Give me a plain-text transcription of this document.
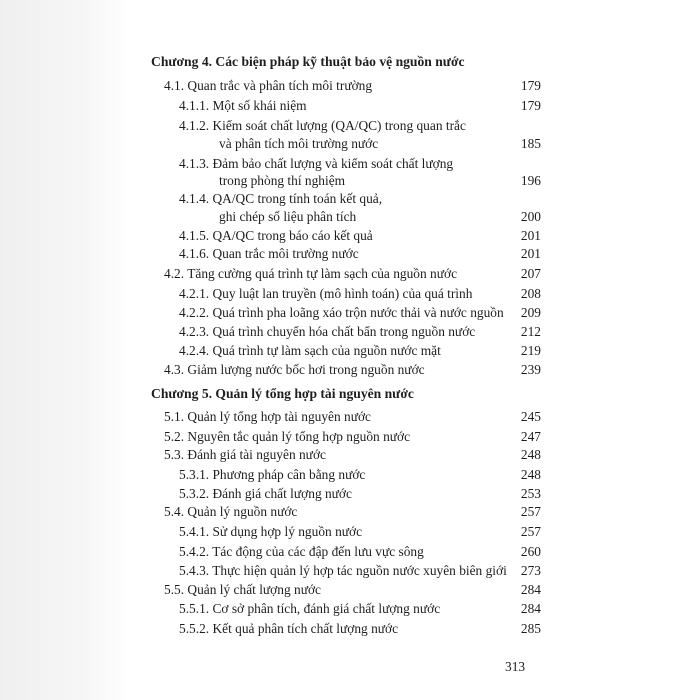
Chương 4. Các biện pháp kỹ thuật bảo vệ nguồn nước
4.1. Quan trắc và phân tích môi trường	179
4.1.1. Một số khái niệm	179
4.1.2. Kiểm soát chất lượng (QA/QC) trong quan trắc
và phân tích môi trường nước	185
4.1.3. Đảm bảo chất lượng và kiểm soát chất lượng
trong phòng thí nghiệm	196
4.1.4. QA/QC trong tính toán kết quả,
ghi chép số liệu phân tích	200
4.1.5. QA/QC trong báo cáo kết quả	201
4.1.6. Quan trắc môi trường nước	201
4.2. Tăng cường quá trình tự làm sạch của nguồn nước	207
4.2.1. Quy luật lan truyền (mô hình toán) của quá trình	208
4.2.2. Quá trình pha loãng xáo trộn nước thải và nước nguồn 209
4.2.3. Quá trình chuyển hóa chất bẩn trong nguồn nước	212
4.2.4. Quá trình tự làm sạch của nguồn nước mặt	219
4.3. Giảm lượng nước bốc hơi trong nguồn nước	239
Chương 5. Quản lý tổng hợp tài nguyên nước
5.1. Quản lý tổng hợp tài nguyên nước	245
5.2. Nguyên tắc quản lý tổng hợp nguồn nước	247
5.3. Đánh giá tài nguyên nước	248
5.3.1. Phương pháp cân bằng nước	248
5.3.2. Đánh giá chất lượng nước	253
5.4. Quản lý nguồn nước	257
5.4.1. Sử dụng hợp lý nguồn nước	257
5.4.2. Tác động của các đập đến lưu vực sông	260
5.4.3. Thực hiện quản lý hợp tác nguồn nước xuyên biên giới 273
5.5. Quản lý chất lượng nước	284
5.5.1. Cơ sở phân tích, đánh giá chất lượng nước	284
5.5.2. Kết quả phân tích chất lượng nước	285
313
